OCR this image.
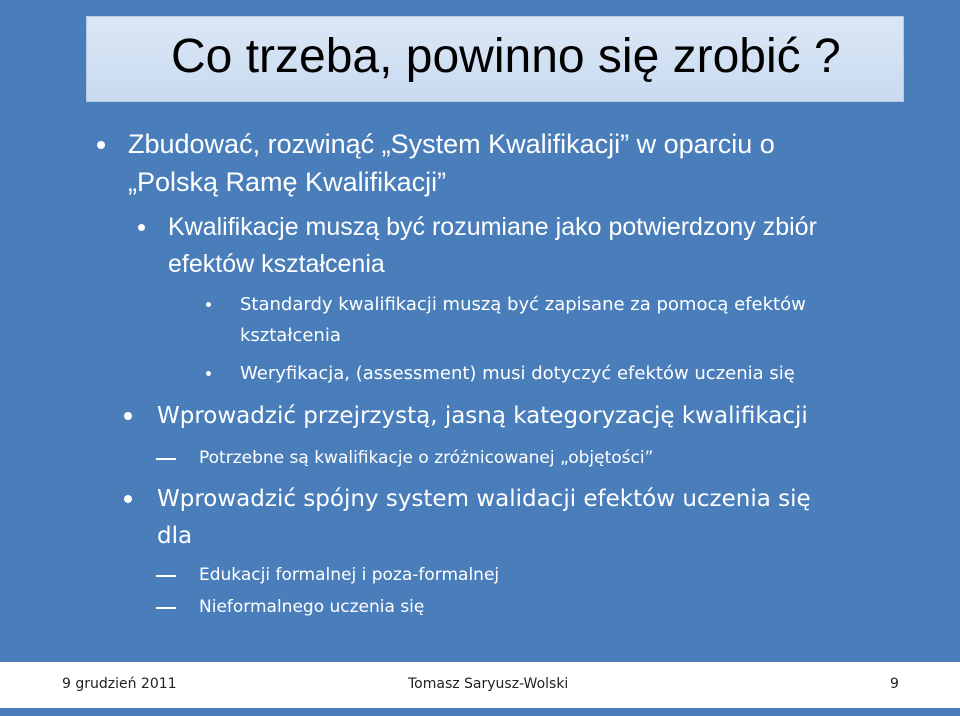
Co trzeba, powinno się zrobić ?
Zbudować, rozwinąć „System Kwalifikacji” w oparciu o
„Polską Ramę Kwalifikacji”
Kwalifikacje muszą być rozumiane jako potwierdzony zbiór
efektów kształcenia
Standardy kwalifikacji muszą być zapisane za pomocą efektów
kształcenia
Weryfikacja, (assessment) musi dotyczyć efektów uczenia się
Wprowadzić przejrzystą, jasną kategoryzację kwalifikacji
Potrzebne są kwalifikacje o zróżnicowanej „objętości”
Wprowadzić spójny system walidacji efektów uczenia się
dla
Edukacji formalnej i poza-formalnej
Nieformalnego uczenia się
9 grudzień 2011	Tomasz Saryusz-Wolski	9
